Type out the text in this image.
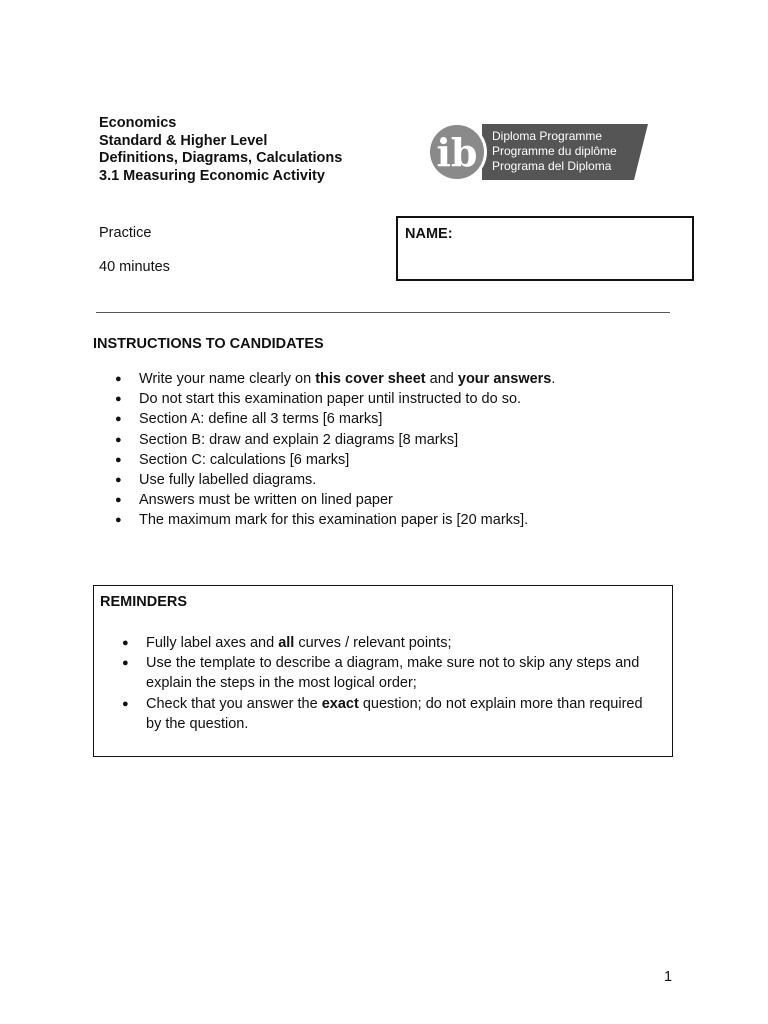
Economics
Standard & Higher Level
Definitions, Diagrams, Calculations
3.1 Measuring Economic Activity
ib Diploma Programme
Programme du diplôme
Programa del Diploma
Practice
40 minutes
NAME:
INSTRUCTIONS TO CANDIDATES
● Write your name clearly on this cover sheet and your answers.
● Do not start this examination paper until instructed to do so.
● Section A: define all 3 terms [6 marks]
● Section B: draw and explain 2 diagrams [8 marks]
● Section C: calculations [6 marks]
● Use fully labelled diagrams.
● Answers must be written on lined paper
● The maximum mark for this examination paper is [20 marks].
REMINDERS
● Fully label axes and all curves / relevant points;
● Use the template to describe a diagram, make sure not to skip any steps and explain the steps in the most logical order;
● Check that you answer the exact question; do not explain more than required by the question.
1
